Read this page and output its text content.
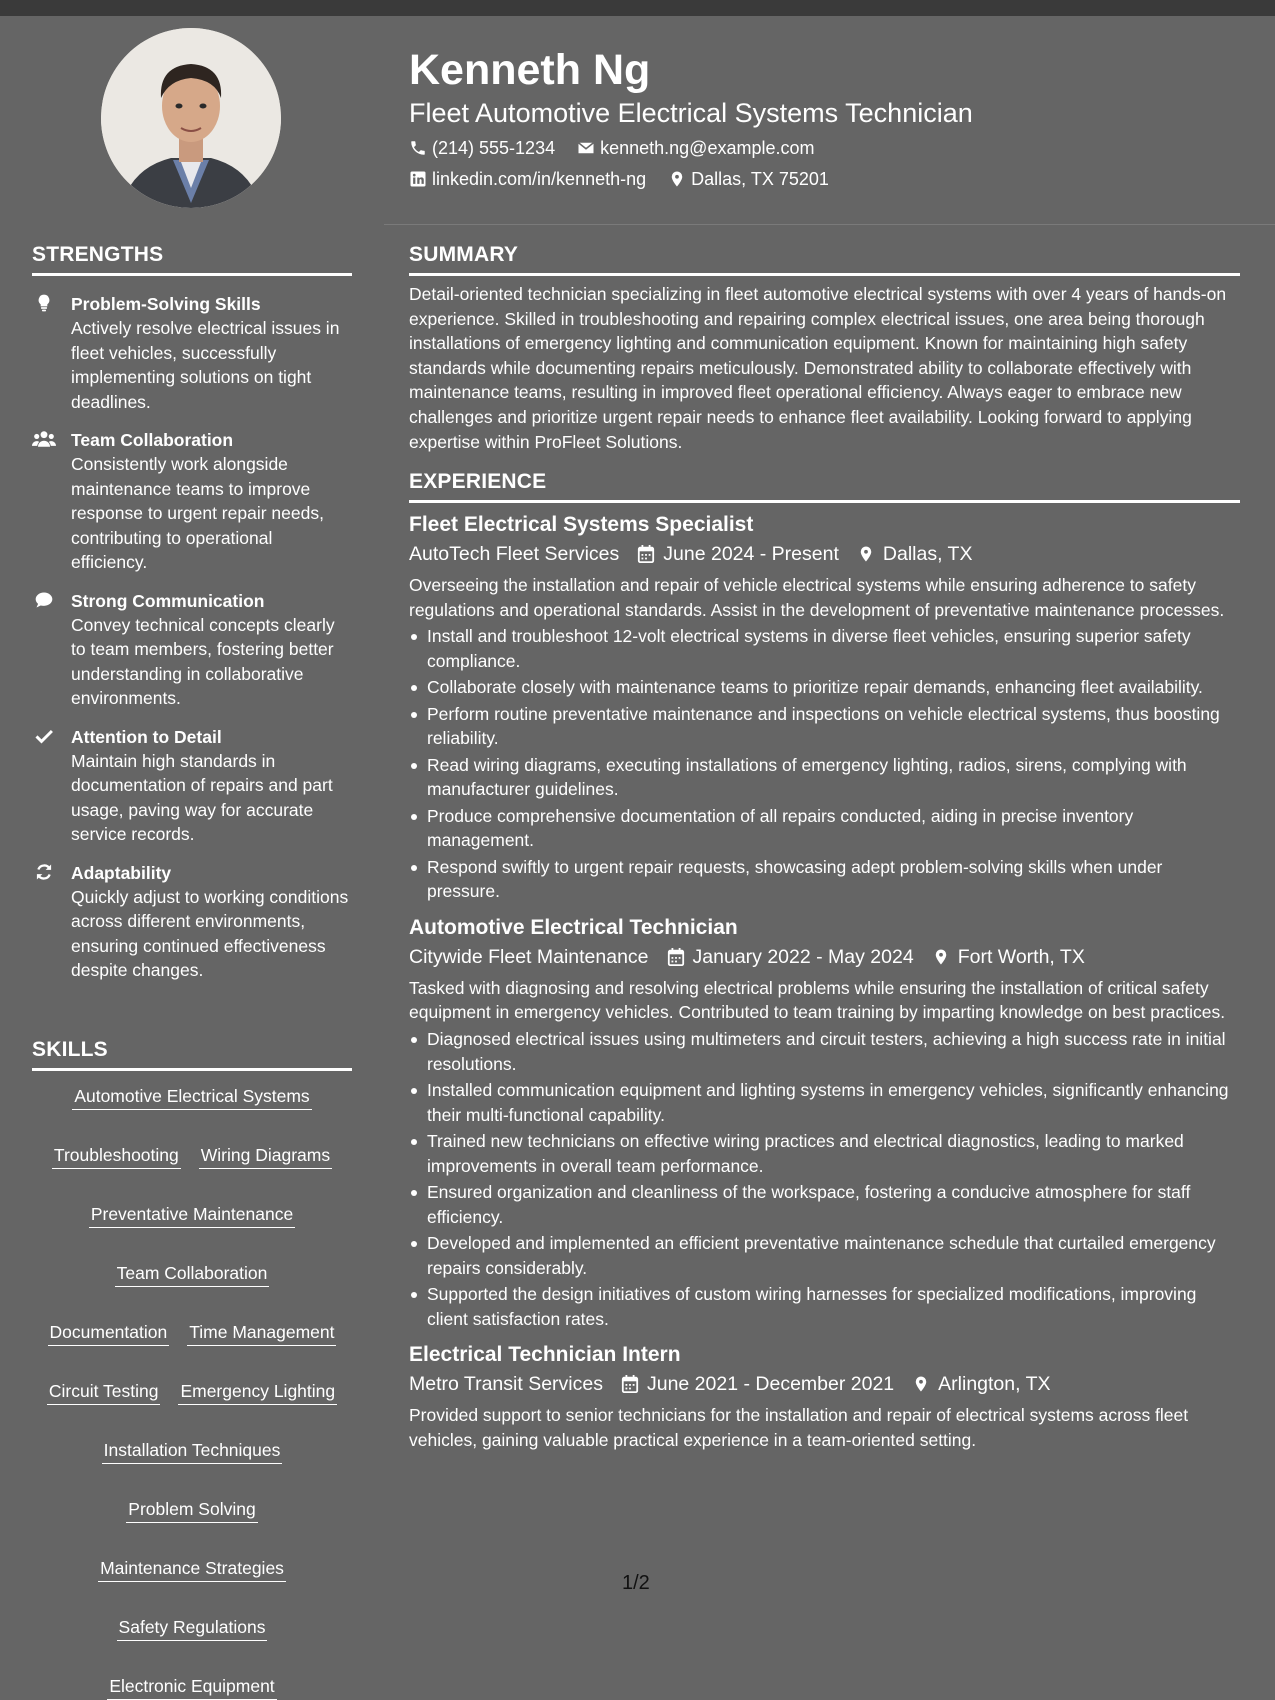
Kenneth Ng
Fleet Automotive Electrical Systems Technician
(214) 555-1234	kenneth.ng@example.com
linkedin.com/in/kenneth-ng	Dallas, TX 75201
STRENGTHS
Problem-Solving Skills
Actively resolve electrical issues in fleet vehicles, successfully implementing solutions on tight deadlines.
Team Collaboration
Consistently work alongside maintenance teams to improve response to urgent repair needs, contributing to operational efficiency.
Strong Communication
Convey technical concepts clearly to team members, fostering better understanding in collaborative environments.
Attention to Detail
Maintain high standards in documentation of repairs and part usage, paving way for accurate service records.
Adaptability
Quickly adjust to working conditions across different environments, ensuring continued effectiveness despite changes.
SKILLS
Automotive Electrical Systems
Troubleshooting Wiring Diagrams
Preventative Maintenance
Team Collaboration
Documentation Time Management
Circuit Testing Emergency Lighting
Installation Techniques
Problem Solving
Maintenance Strategies
Safety Regulations
Electronic Equipment
SUMMARY

Detail-oriented technician specializing in fleet automotive electrical systems with over 4 years of hands-on experience. Skilled in troubleshooting and repairing complex electrical issues, one area being thorough installations of emergency lighting and communication equipment. Known for maintaining high safety standards while documenting repairs meticulously. Demonstrated ability to collaborate effectively with maintenance teams, resulting in improved fleet operational efficiency. Always eager to embrace new challenges and prioritize urgent repair needs to enhance fleet availability. Looking forward to applying expertise within ProFleet Solutions.

EXPERIENCE
Fleet Electrical Systems Specialist
AutoTech Fleet Services June 2024 - Present Dallas, TX

Overseeing the installation and repair of vehicle electrical systems while ensuring adherence to safety regulations and operational standards. Assist in the development of preventative maintenance processes.

Install and troubleshoot 12-volt electrical systems in diverse fleet vehicles, ensuring superior safety compliance.
Collaborate closely with maintenance teams to prioritize repair demands, enhancing fleet availability.
Perform routine preventative maintenance and inspections on vehicle electrical systems, thus boosting reliability.
Read wiring diagrams, executing installations of emergency lighting, radios, sirens, complying with manufacturer guidelines.
Produce comprehensive documentation of all repairs conducted, aiding in precise inventory management.
Respond swiftly to urgent repair requests, showcasing adept problem-solving skills when under pressure.
Automotive Electrical Technician
Citywide Fleet Maintenance January 2022 - May 2024 Fort Worth, TX

Tasked with diagnosing and resolving electrical problems while ensuring the installation of critical safety equipment in emergency vehicles. Contributed to team training by imparting knowledge on best practices.

Diagnosed electrical issues using multimeters and circuit testers, achieving a high success rate in initial resolutions.
Installed communication equipment and lighting systems in emergency vehicles, significantly enhancing their multi-functional capability.
Trained new technicians on effective wiring practices and electrical diagnostics, leading to marked improvements in overall team performance.
Ensured organization and cleanliness of the workspace, fostering a conducive atmosphere for staff efficiency.
Developed and implemented an efficient preventative maintenance schedule that curtailed emergency repairs considerably.
Supported the design initiatives of custom wiring harnesses for specialized modifications, improving client satisfaction rates.
Electrical Technician Intern
Metro Transit Services June 2021 - December 2021 Arlington, TX

Provided support to senior technicians for the installation and repair of electrical systems across fleet vehicles, gaining valuable practical experience in a team-oriented setting.

1/2
